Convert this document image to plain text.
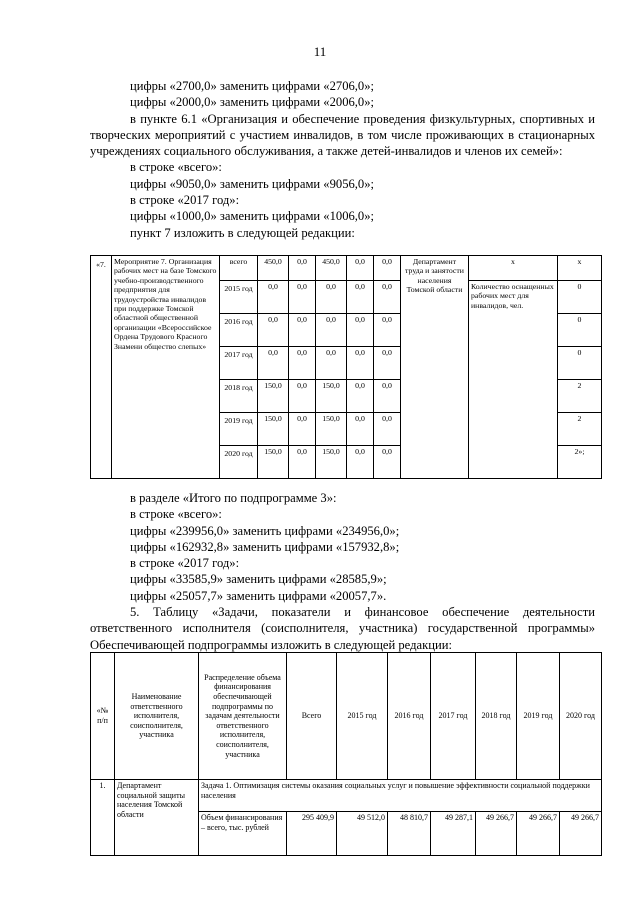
11

цифры «2700,0» заменить цифрами «2706,0»;

цифры «2000,0» заменить цифрами «2006,0»;

в пункте 6.1 «Организация и обеспечение проведения физкультурных, спортивных и творческих мероприятий с участием инвалидов, в том числе проживающих в стационарных учреждениях социального обслуживания, а также детей-инвалидов и членов их семей»:

в строке «всего»:

цифры «9050,0» заменить цифрами «9056,0»;

в строке «2017 год»:

цифры «1000,0» заменить цифрами «1006,0»;

пункт 7 изложить в следующей редакции:

«7.	Мероприятие 7. Организация рабочих мест на базе Томского учебно-производственного предприятия для трудоустройства инвалидов при поддержке Томской областной общественной организации «Всероссийское Ордена Трудового Красного Знамени общество слепых»	всего	450,0	0,0	450,0	0,0	0,0	Департамент труда и занятости населения Томской области	х	х
		2015 год	0,0	0,0	0,0	0,0	0,0		Количество оснащенных рабочих мест для инвалидов, чел.	0
		2016 год	0,0	0,0	0,0	0,0	0,0			0
		2017 год	0,0	0,0	0,0	0,0	0,0			0
		2018 год	150,0	0,0	150,0	0,0	0,0			2
		2019 год	150,0	0,0	150,0	0,0	0,0			2
		2020 год	150,0	0,0	150,0	0,0	0,0			2»;

в разделе «Итого по подпрограмме 3»:

в строке «всего»:

цифры «239956,0» заменить цифрами «234956,0»;

цифры «162932,8» заменить цифрами «157932,8»;

в строке «2017 год»:

цифры «33585,9» заменить цифрами «28585,9»;

цифры «25057,7» заменить цифрами «20057,7».

5. Таблицу «Задачи, показатели и финансовое обеспечение деятельности ответственного исполнителя (соисполнителя, участника) государственной программы» Обеспечивающей подпрограммы изложить в следующей редакции:

«№ п/п	Наименование ответственного исполнителя, соисполнителя, участника	Распределение объема финансирования обеспечивающей подпрограммы по задачам деятельности ответственного исполнителя, соисполнителя, участника	Всего	2015 год	2016 год	2017 год	2018 год	2019 год	2020 год
1.	Департамент социальной защиты населения Томской области	Задача 1. Оптимизация системы оказания социальных услуг и повышение эффективности социальной поддержки населения							
		Объем финансирования – всего, тыс. рублей	295 409,9	49 512,0	48 810,7	49 287,1	49 266,7	49 266,7	49 266,7
